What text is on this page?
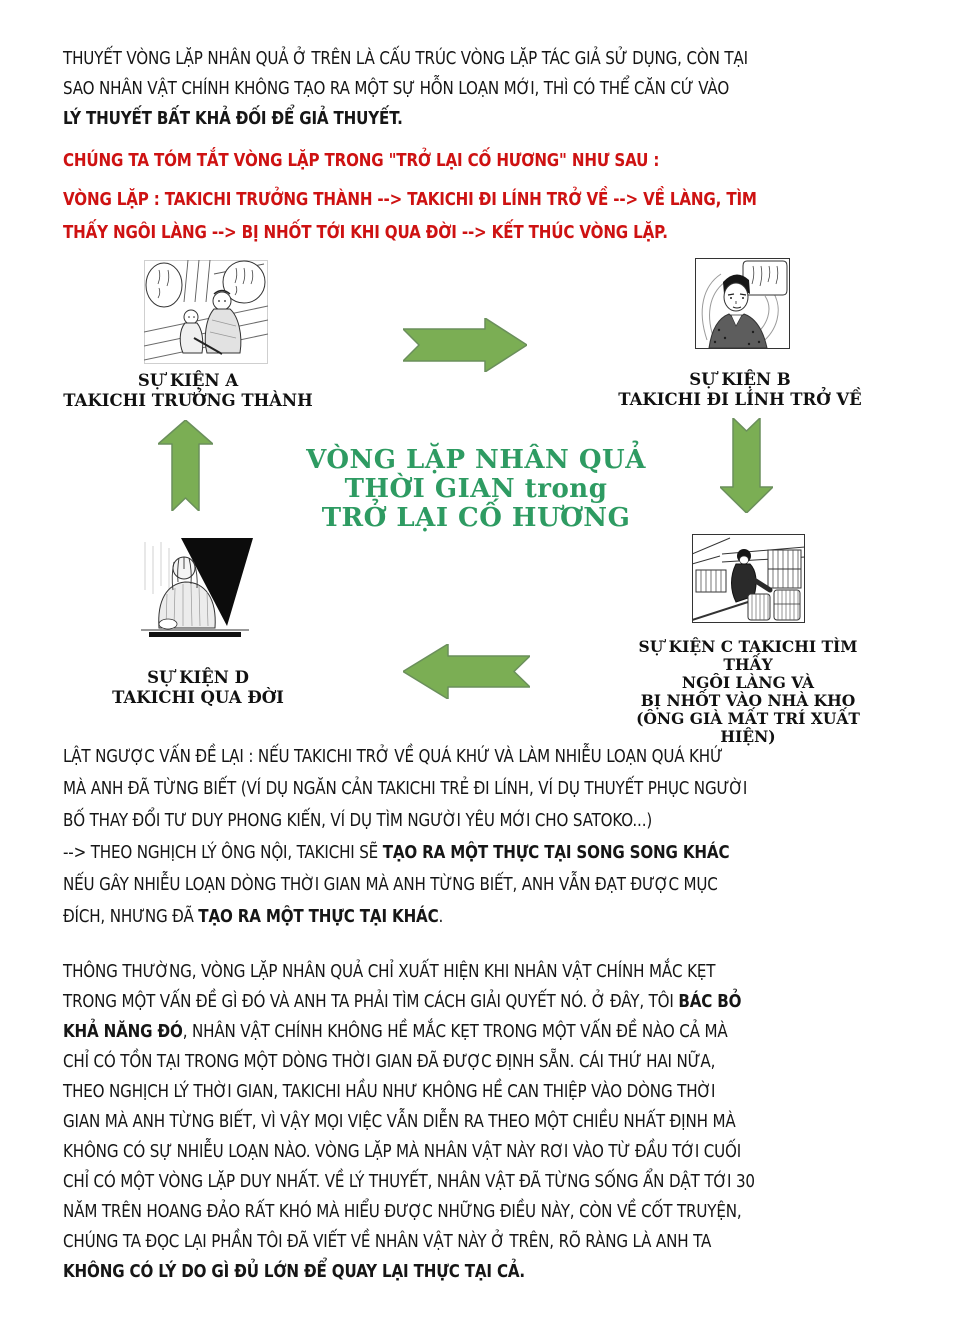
THUYẾT VÒNG LẶP NHÂN QUẢ Ở TRÊN LÀ CẤU TRÚC VÒNG LẶP TÁC GIẢ SỬ DỤNG, CÒN TẠI
SAO NHÂN VẬT CHÍNH KHÔNG TẠO RA MỘT SỰ HỖN LOẠN MỚI, THÌ CÓ THỂ CĂN CỨ VÀO
LÝ THUYẾT BẤT KHẢ ĐỐI ĐỂ GIẢ THUYẾT.
CHÚNG TA TÓM TẮT VÒNG LẶP TRONG "TRỞ LẠI CỐ HƯƠNG" NHƯ SAU :
VÒNG LẶP : TAKICHI TRƯỞNG THÀNH --> TAKICHI ĐI LÍNH TRỞ VỀ --> VỀ LÀNG, TÌM
THẤY NGÔI LÀNG --> BỊ NHỐT TỚI KHI QUA ĐỜI --> KẾT THÚC VÒNG LẶP.
SỰ KIỆN A
TAKICHI TRƯỞNG THÀNH
SỰ KIỆN B
TAKICHI ĐI LÍNH TRỞ VỀ
VÒNG LẶP NHÂN QUẢ
THỜI GIAN trong
TRỞ LẠI CỐ HƯƠNG
SỰ KIỆN C TAKICHI TÌM THẤY
NGÔI LÀNG VÀ
BỊ NHỐT VÀO NHÀ KHO
(ÔNG GIÀ MẤT TRÍ XUẤT HIỆN)
SỰ KIỆN D
TAKICHI QUA ĐỜI
LẬT NGƯỢC VẤN ĐỀ LẠI : NẾU TAKICHI TRỞ VỀ QUÁ KHỨ VÀ LÀM NHIỄU LOẠN QUÁ KHỨ
MÀ ANH ĐÃ TỪNG BIẾT (VÍ DỤ NGĂN CẢN TAKICHI TRẺ ĐI LÍNH, VÍ DỤ THUYẾT PHỤC NGƯỜI
BỐ THAY ĐỔI TƯ DUY PHONG KIẾN, VÍ DỤ TÌM NGƯỜI YÊU MỚI CHO SATOKO...)
--> THEO NGHỊCH LÝ ÔNG NỘI, TAKICHI SẼ TẠO RA MỘT THỰC TẠI SONG SONG KHÁC
NẾU GÂY NHIỄU LOẠN DÒNG THỜI GIAN MÀ ANH TỪNG BIẾT, ANH VẪN ĐẠT ĐƯỢC MỤC
ĐÍCH, NHƯNG ĐÃ TẠO RA MỘT THỰC TẠI KHÁC.
THÔNG THƯỜNG, VÒNG LẶP NHÂN QUẢ CHỈ XUẤT HIỆN KHI NHÂN VẬT CHÍNH MẮC KẸT
TRONG MỘT VẤN ĐỀ GÌ ĐÓ VÀ ANH TA PHẢI TÌM CÁCH GIẢI QUYẾT NÓ. Ở ĐÂY, TÔI BÁC BỎ
KHẢ NĂNG ĐÓ, NHÂN VẬT CHÍNH KHÔNG HỀ MẮC KẸT TRONG MỘT VẤN ĐỀ NÀO CẢ MÀ
CHỈ CÓ TỒN TẠI TRONG MỘT DÒNG THỜI GIAN ĐÃ ĐƯỢC ĐỊNH SẴN. CÁI THỨ HAI NỮA,
THEO NGHỊCH LÝ THỜI GIAN, TAKICHI HẦU NHƯ KHÔNG HỀ CAN THIỆP VÀO DÒNG THỜI
GIAN MÀ ANH TỪNG BIẾT, VÌ VẬY MỌI VIỆC VẪN DIỄN RA THEO MỘT CHIỀU NHẤT ĐỊNH MÀ
KHÔNG CÓ SỰ NHIỄU LOẠN NÀO. VÒNG LẶP MÀ NHÂN VẬT NÀY RƠI VÀO TỪ ĐẦU TỚI CUỐI
CHỈ CÓ MỘT VÒNG LẶP DUY NHẤT. VỀ LÝ THUYẾT, NHÂN VẬT ĐÃ TỪNG SỐNG ẨN DẬT TỚI 30
NĂM TRÊN HOANG ĐẢO RẤT KHÓ MÀ HIỂU ĐƯỢC NHỮNG ĐIỀU NÀY, CÒN VỀ CỐT TRUYỆN,
CHÚNG TA ĐỌC LẠI PHẦN TÔI ĐÃ VIẾT VỀ NHÂN VẬT NÀY Ở TRÊN, RÕ RÀNG LÀ ANH TA
KHÔNG CÓ LÝ DO GÌ ĐỦ LỚN ĐỂ QUAY LẠI THỰC TẠI CẢ.
